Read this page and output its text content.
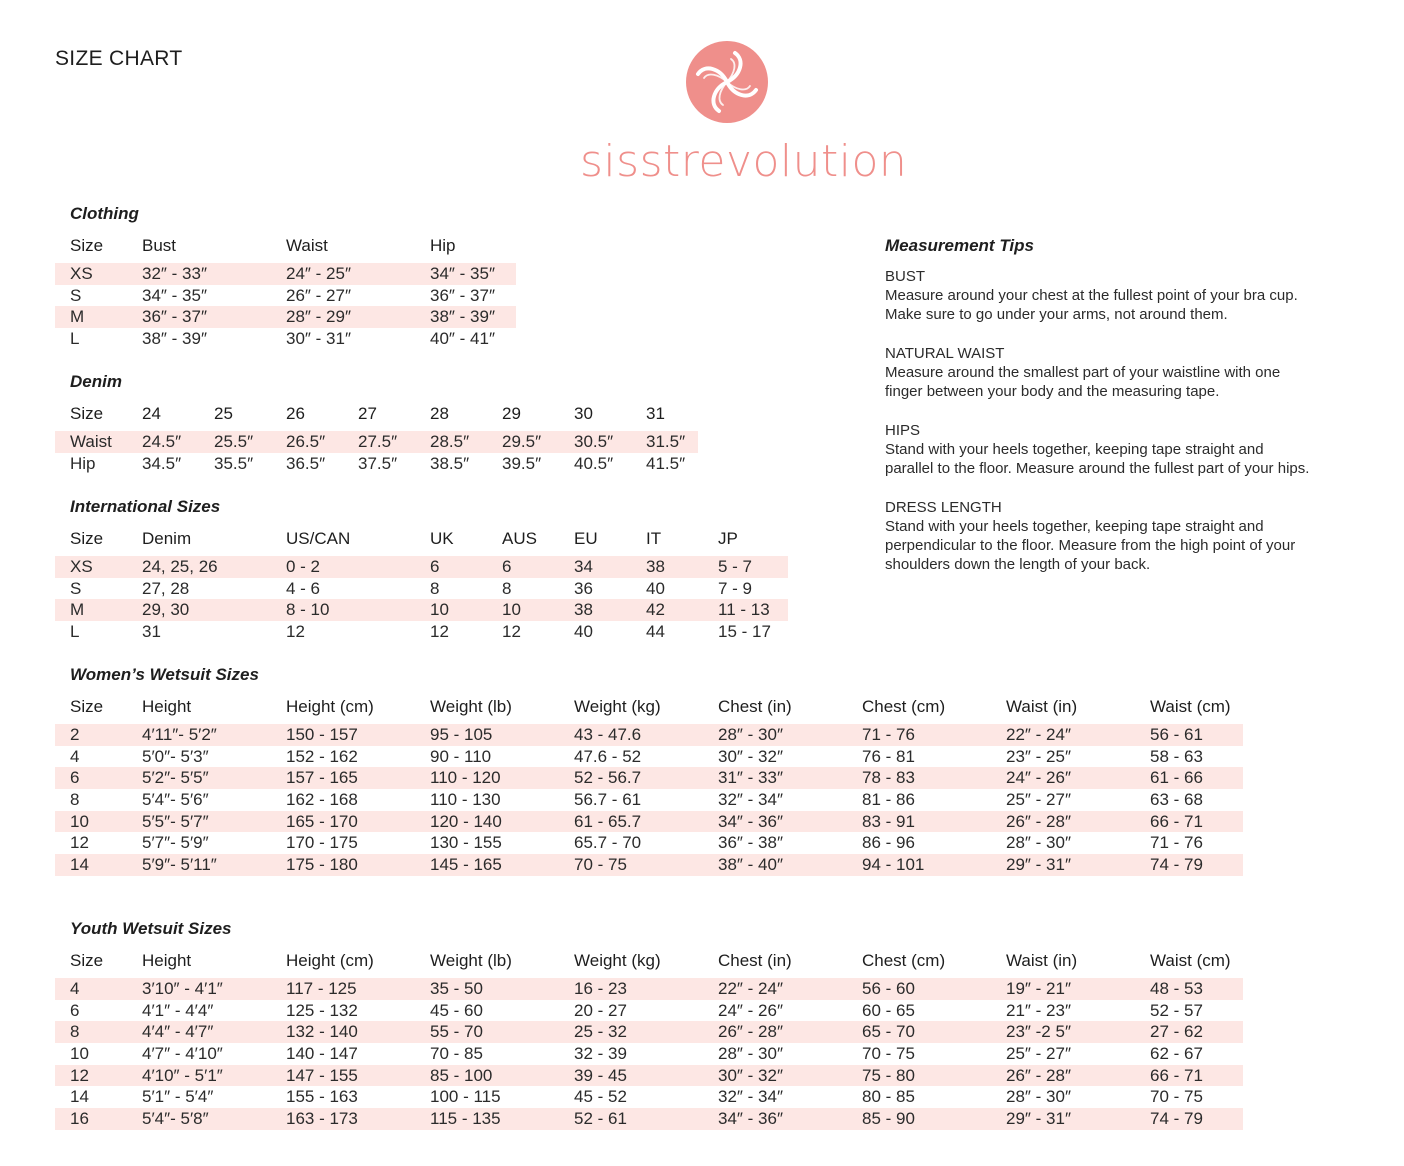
SIZE CHART
sisstrevolution
Clothing
Size Bust	Waist	Hip
XS	32″ - 33″	24″ - 25″	34″ - 35″
S	34″ - 35″	26″ - 27″	36″ - 37″
M	36″ - 37″	28″ - 29″	38″ - 39″
L	38″ - 39″	30″ - 31″	40″ - 41″
Denim
Size 24	25	26	27	28	29	30	31
Waist 24.5″ 25.5″ 26.5″ 27.5″ 28.5″ 29.5″ 30.5″ 31.5″
Hip	34.5″ 35.5″ 36.5″ 37.5″ 38.5″ 39.5″ 40.5″ 41.5″
International Sizes
Size Denim	US/CAN	UK	AUS EU	IT	JP
XS	24, 25, 26	0 - 2	6	6	34	38	5 - 7
S	27, 28	4 - 6	8	8	36	40	7 - 9
M	29, 30	8 - 10	10	10	38	42	11 - 13
L	31	12	12	12	40	44	15 - 17
Women’s Wetsuit Sizes
Size Height	Height (cm)	Weight (lb)	Weight (kg)	Chest (in)	Chest (cm)	Waist (in)	Waist (cm)
2	4′11″- 5′2″	150 - 157	95 - 105	43 - 47.6	28″ - 30″	71 - 76	22″ - 24″	56 - 61
4	5′0″- 5′3″	152 - 162	90 - 110	47.6 - 52	30″ - 32″	76 - 81	23″ - 25″	58 - 63
6	5′2″- 5′5″	157 - 165	110 - 120	52 - 56.7	31″ - 33″	78 - 83	24″ - 26″	61 - 66
8	5′4″- 5′6″	162 - 168	110 - 130	56.7 - 61	32″ - 34″	81 - 86	25″ - 27″	63 - 68
10	5′5″- 5′7″	165 - 170	120 - 140	61 - 65.7	34″ - 36″	83 - 91	26″ - 28″	66 - 71
12	5′7″- 5′9″	170 - 175	130 - 155	65.7 - 70	36″ - 38″	86 - 96	28″ - 30″	71 - 76
14	5′9″- 5′11″	175 - 180	145 - 165	70 - 75	38″ - 40″	94 - 101	29″ - 31″	74 - 79
Youth Wetsuit Sizes
Size Height	Height (cm)	Weight (lb)	Weight (kg)	Chest (in)	Chest (cm)	Waist (in)	Waist (cm)
4	3′10″ - 4′1″	117 - 125	35 - 50	16 - 23	22″ - 24″	56 - 60	19″ - 21″	48 - 53
6	4′1″ - 4′4″	125 - 132	45 - 60	20 - 27	24″ - 26″	60 - 65	21″ - 23″	52 - 57
8	4′4″ - 4′7″	132 - 140	55 - 70	25 - 32	26″ - 28″	65 - 70	23″ -2 5″	27 - 62
10	4′7″ - 4′10″	140 - 147	70 - 85	32 - 39	28″ - 30″	70 - 75	25″ - 27″	62 - 67
12	4′10″ - 5′1″	147 - 155	85 - 100	39 - 45	30″ - 32″	75 - 80	26″ - 28″	66 - 71
14	5′1″ - 5′4″	155 - 163	100 - 115	45 - 52	32″ - 34″	80 - 85	28″ - 30″	70 - 75
16	5′4″- 5′8″	163 - 173	115 - 135	52 - 61	34″ - 36″	85 - 90	29″ - 31″	74 - 79
Measurement Tips
BUST
Measure around your chest at the fullest point of your bra cup.
Make sure to go under your arms, not around them.
NATURAL WAIST
Measure around the smallest part of your waistline with one
finger between your body and the measuring tape.
HIPS
Stand with your heels together, keeping tape straight and
parallel to the floor. Measure around the fullest part of your hips.
DRESS LENGTH
Stand with your heels together, keeping tape straight and
perpendicular to the floor. Measure from the high point of your
shoulders down the length of your back.
